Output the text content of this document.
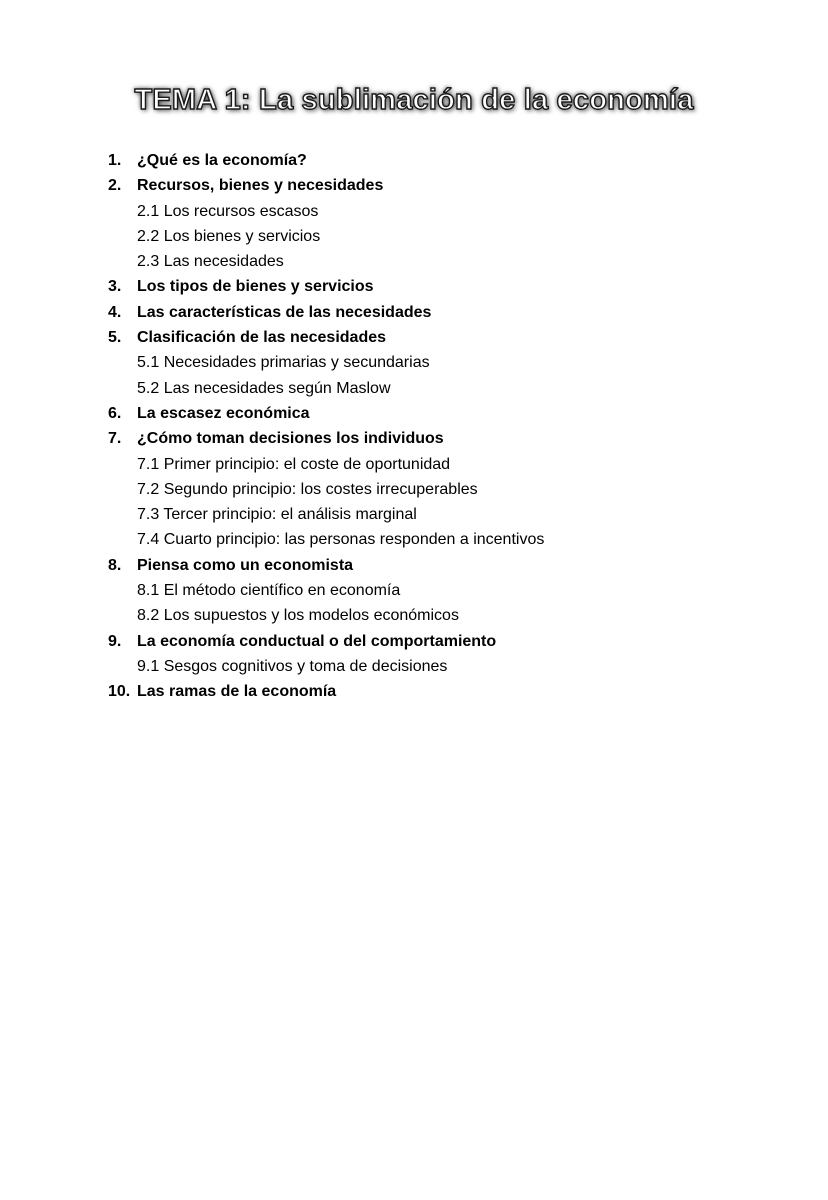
TEMA 1: La sublimación de la economía
1. ¿Qué es la economía?
2. Recursos, bienes y necesidades
2.1 Los recursos escasos
2.2 Los bienes y servicios
2.3 Las necesidades
3. Los tipos de bienes y servicios
4. Las características de las necesidades
5. Clasificación de las necesidades
5.1 Necesidades primarias y secundarias
5.2 Las necesidades según Maslow
6. La escasez económica
7. ¿Cómo toman decisiones los individuos
7.1 Primer principio: el coste de oportunidad
7.2 Segundo principio: los costes irrecuperables
7.3 Tercer principio: el análisis marginal
7.4 Cuarto principio: las personas responden a incentivos
8. Piensa como un economista
8.1 El método científico en economía
8.2 Los supuestos y los modelos económicos
9. La economía conductual o del comportamiento
9.1 Sesgos cognitivos y toma de decisiones
10. Las ramas de la economía
